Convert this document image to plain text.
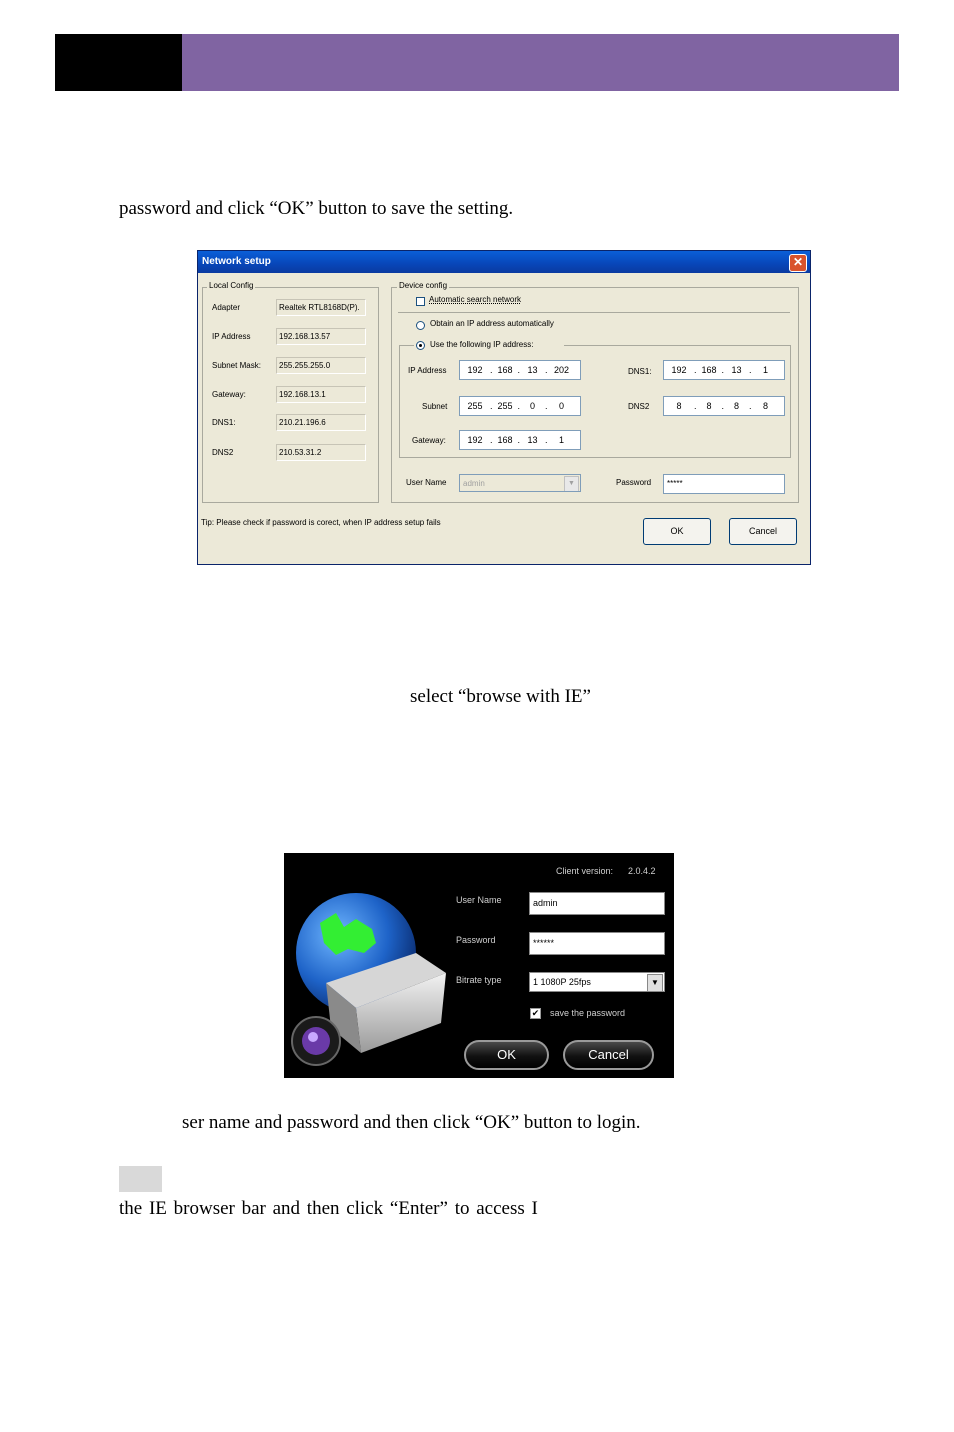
password and click “OK” button to save the setting.
Network setup	✕
Local Config
Adapter	Realtek RTL8168D(P).
IP Address	192.168.13.57
Subnet Mask:	255.255.255.0
Gateway:	192.168.13.1
DNS1:	210.21.196.6
DNS2	210.53.31.2
Device config
Automatic search network
Obtain an IP address automatically
Use the following IP address:
IP Address	192 . 168 . 13 . 202
Subnet	255 . 255 . 0 . 0
Gateway:	192 . 168 . 13 . 1
DNS1:	192 . 168 . 13 . 1
DNS2	8 . 8 . 8 . 8
User Name	admin	▼	Password	*****
Tip: Please check if password is corect, when IP address setup fails
OK	Cancel
select “browse with IE”
Client version: 2.0.4.2
User Name	admin
Password	******
Bitrate type	1 1080P 25fps	▼
✔ save the password
OK	Cancel
ser name and password and then click “OK” button to login.
the IE browser bar and then click “Enter” to access I
